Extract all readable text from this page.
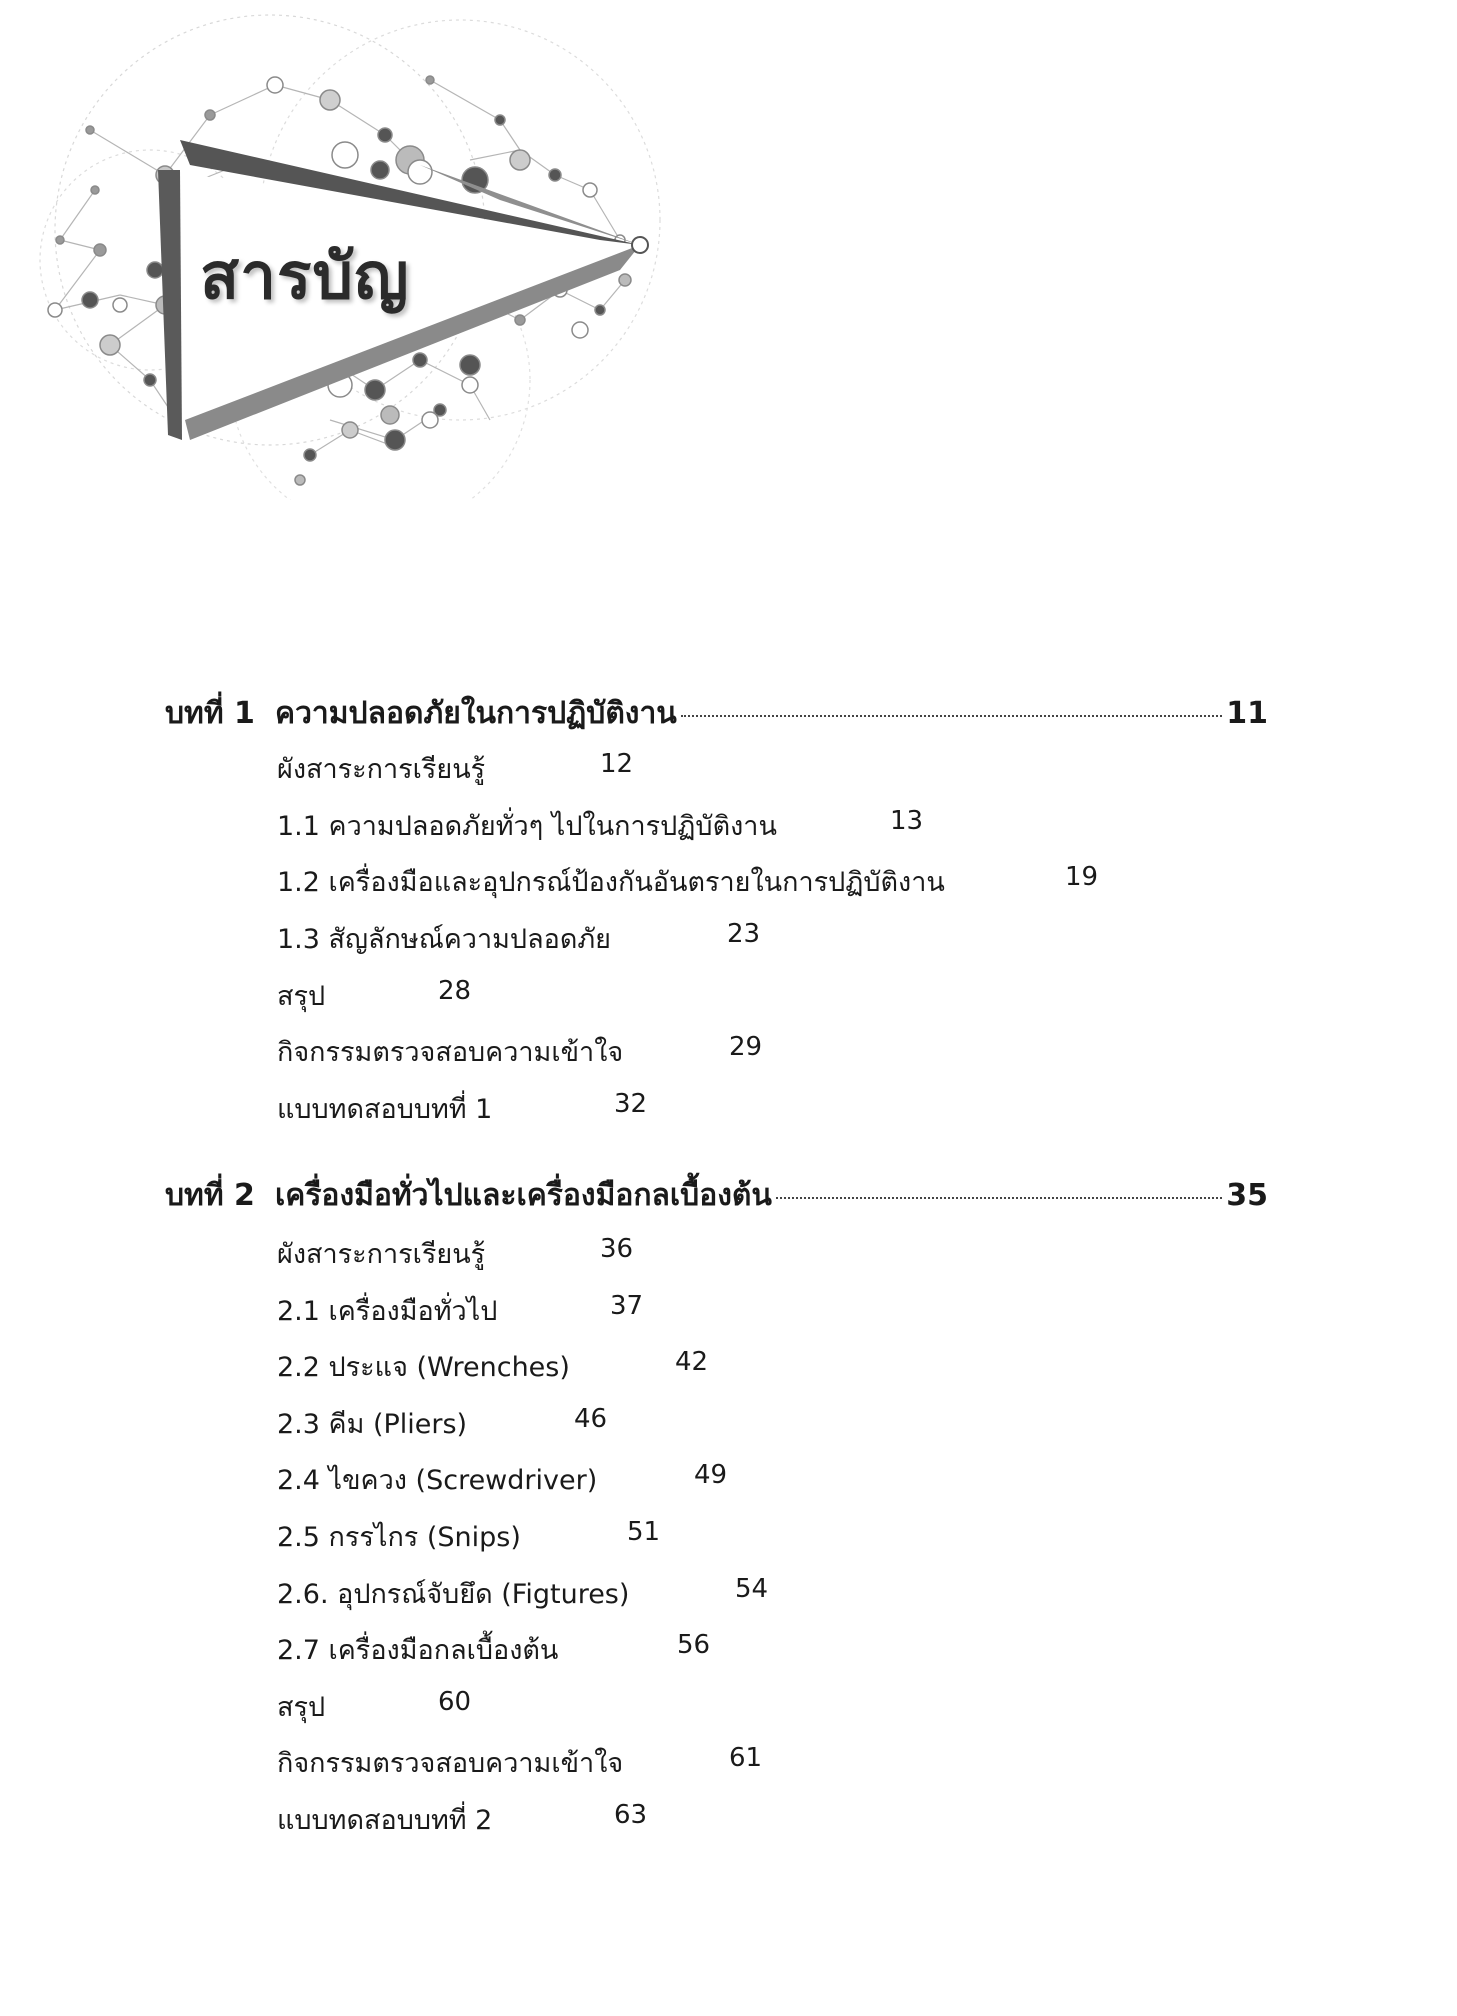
สารบัญ
บทที่ 1 ความปลอดภัยในการปฏิบัติงาน	11
ผังสาระการเรียนรู้	12
1.1 ความปลอดภัยทั่วๆ ไปในการปฏิบัติงาน	13
1.2 เครื่องมือและอุปกรณ์ป้องกันอันตรายในการปฏิบัติงาน	19
1.3 สัญลักษณ์ความปลอดภัย	23
สรุป	28
กิจกรรมตรวจสอบความเข้าใจ	29
แบบทดสอบบทที่ 1	32
บทที่ 2 เครื่องมือทั่วไปและเครื่องมือกลเบื้องต้น	35
ผังสาระการเรียนรู้	36
2.1 เครื่องมือทั่วไป	37
2.2 ประแจ (Wrenches)	42
2.3 คีม (Pliers)	46
2.4 ไขควง (Screwdriver)	49
2.5 กรรไกร (Snips)	51
2.6. อุปกรณ์จับยึด (Figtures)	54
2.7 เครื่องมือกลเบื้องต้น	56
สรุป	60
กิจกรรมตรวจสอบความเข้าใจ	61
แบบทดสอบบทที่ 2	63
